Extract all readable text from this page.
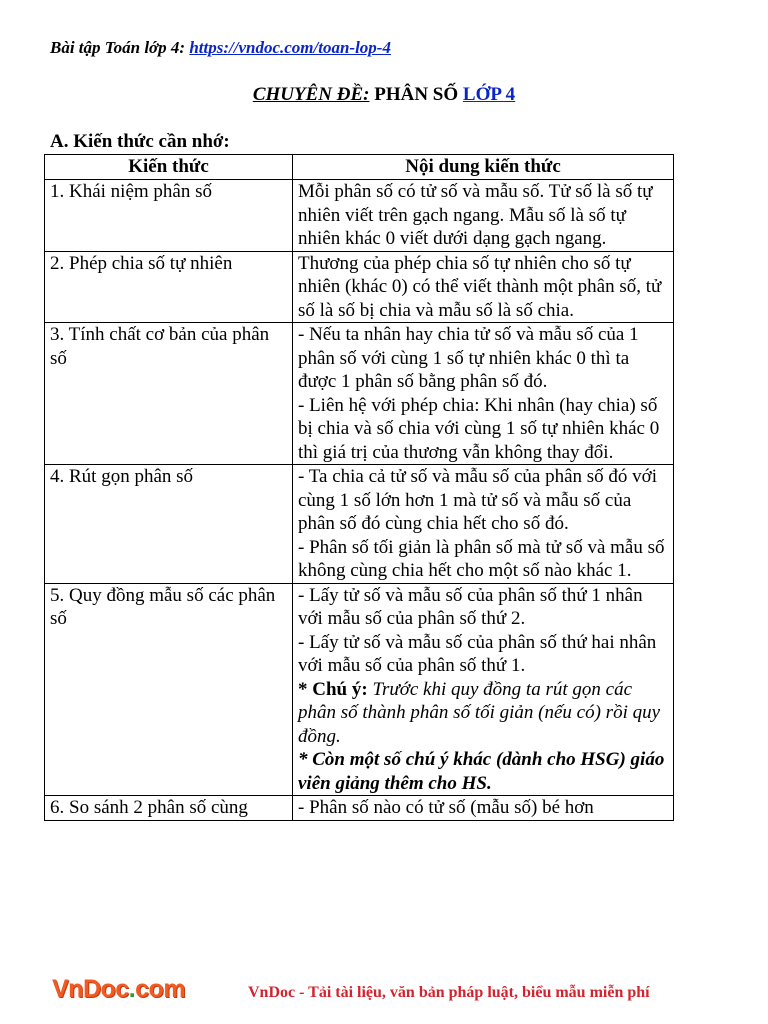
Bài tập Toán lớp 4: https://vndoc.com/toan-lop-4
CHUYÊN ĐỀ: PHÂN SỐ LỚP 4
A. Kiến thức cần nhớ:
Kiến thức	Nội dung kiến thức
1. Khái niệm phân số	Mỗi phân số có tử số và mẫu số. Tử số là số tự nhiên viết trên gạch ngang. Mẫu số là số tự nhiên khác 0 viết dưới dạng gạch ngang.

2. Phép chia số tự nhiên	Thương của phép chia số tự nhiên cho số tự nhiên (khác 0) có thể viết thành một phân số, tử số là số bị chia và mẫu số là số chia.

3. Tính chất cơ bản của phân số	- Nếu ta nhân hay chia tử số và mẫu số của 1 phân số với cùng 1 số tự nhiên khác 0 thì ta được 1 phân số bằng phân số đó.
- Liên hệ với phép chia: Khi nhân (hay chia) số bị chia và số chia với cùng 1 số tự nhiên khác 0 thì giá trị của thương vẫn không thay đổi.

4. Rút gọn phân số	- Ta chia cả tử số và mẫu số của phân số đó với cùng 1 số lớn hơn 1 mà tử số và mẫu số của phân số đó cùng chia hết cho số đó.
- Phân số tối giản là phân số mà tử số và mẫu số không cùng chia hết cho một số nào khác 1.

5. Quy đồng mẫu số các phân số	- Lấy tử số và mẫu số của phân số thứ 1 nhân với mẫu số của phân số thứ 2.
- Lấy tử số và mẫu số của phân số thứ hai nhân với mẫu số của phân số thứ 1.
* Chú ý: Trước khi quy đồng ta rút gọn các phân số thành phân số tối giản (nếu có) rồi quy đồng.
* Còn một số chú ý khác (dành cho HSG) giáo viên giảng thêm cho HS.

6. So sánh 2 phân số cùng	- Phân số nào có tử số (mẫu số) bé hơn
VnDoc.com	VnDoc - Tải tài liệu, văn bản pháp luật, biểu mẫu miễn phí
